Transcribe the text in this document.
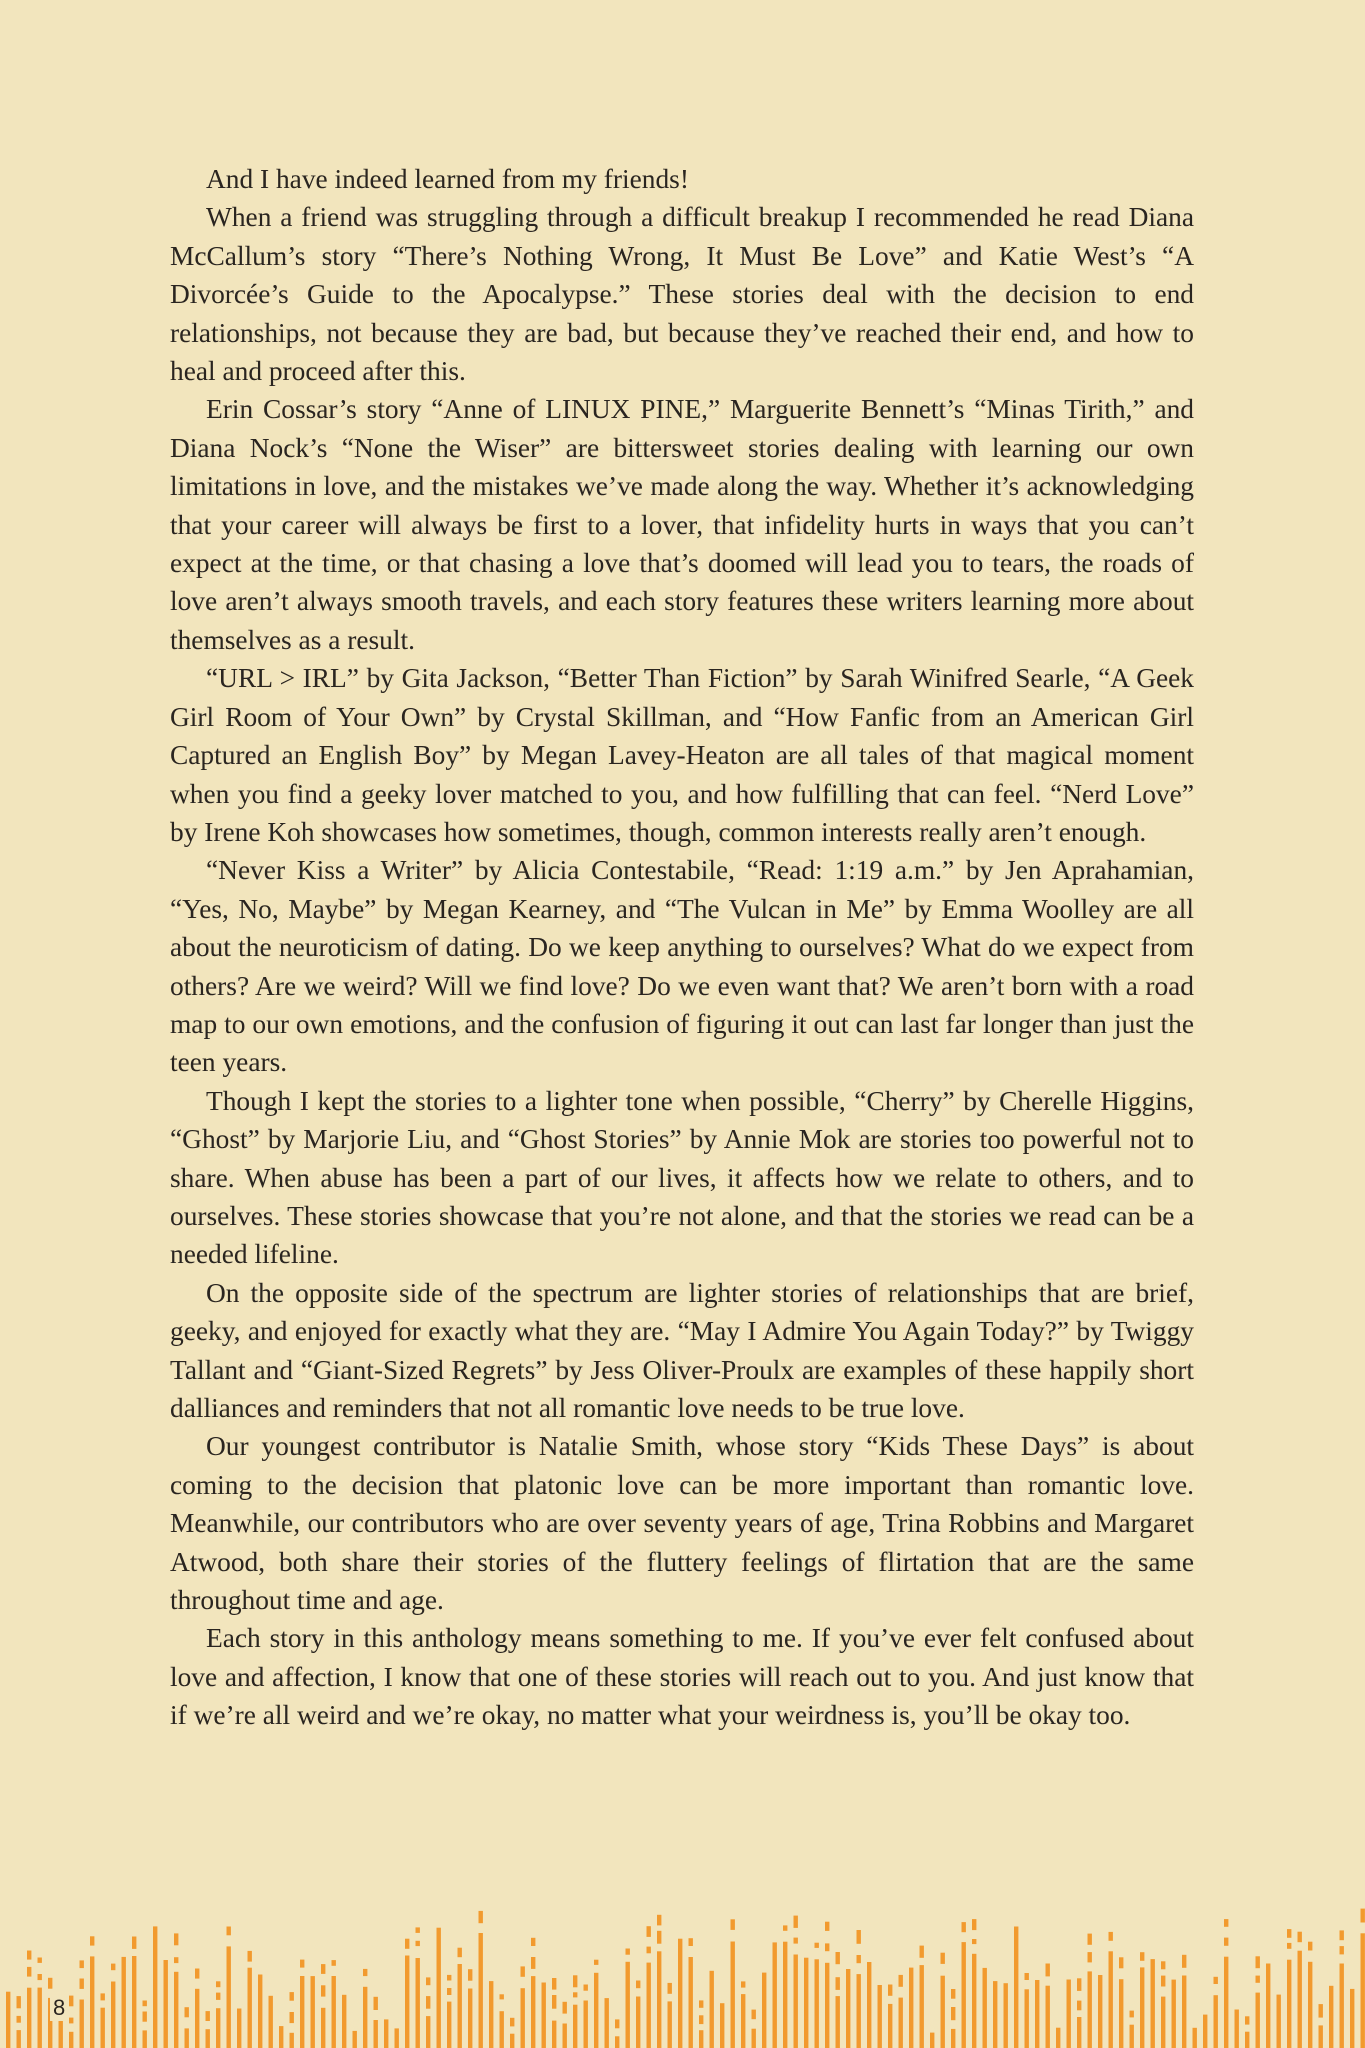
And I have indeed learned from my friends!

When a friend was struggling through a difficult breakup I recommended he read Diana McCallum’s story “There’s Nothing Wrong, It Must Be Love” and Katie West’s “A Divorcée’s Guide to the Apocalypse.” These stories deal with the decision to end relationships, not because they are bad, but because they’ve reached their end, and how to heal and proceed after this.

Erin Cossar’s story “Anne of LINUX PINE,” Marguerite Bennett’s “Minas Tirith,” and Diana Nock’s “None the Wiser” are bittersweet stories dealing with learning our own limitations in love, and the mistakes we’ve made along the way. Whether it’s acknowledging that your career will always be first to a lover, that infidelity hurts in ways that you can’t expect at the time, or that chasing a love that’s doomed will lead you to tears, the roads of love aren’t always smooth travels, and each story features these writers learning more about themselves as a result.

“URL > IRL” by Gita Jackson, “Better Than Fiction” by Sarah Winifred Searle, “A Geek Girl Room of Your Own” by Crystal Skillman, and “How Fanfic from an American Girl Captured an English Boy” by Megan Lavey-Heaton are all tales of that magical moment when you find a geeky lover matched to you, and how fulfilling that can feel. “Nerd Love” by Irene Koh showcases how sometimes, though, common interests really aren’t enough.

“Never Kiss a Writer” by Alicia Contestabile, “Read: 1:19 a.m.” by Jen Aprahamian, “Yes, No, Maybe” by Megan Kearney, and “The Vulcan in Me” by Emma Woolley are all about the neuroticism of dating. Do we keep anything to ourselves? What do we expect from others? Are we weird? Will we find love? Do we even want that? We aren’t born with a road map to our own emotions, and the confusion of figuring it out can last far longer than just the teen years.

Though I kept the stories to a lighter tone when possible, “Cherry” by Cherelle Higgins, “Ghost” by Marjorie Liu, and “Ghost Stories” by Annie Mok are stories too powerful not to share. When abuse has been a part of our lives, it affects how we relate to others, and to ourselves. These stories showcase that you’re not alone, and that the stories we read can be a needed lifeline.

On the opposite side of the spectrum are lighter stories of relationships that are brief, geeky, and enjoyed for exactly what they are. “May I Admire You Again Today?” by Twiggy Tallant and “Giant-Sized Regrets” by Jess Oliver-Proulx are examples of these happily short dalliances and reminders that not all romantic love needs to be true love.

Our youngest contributor is Natalie Smith, whose story “Kids These Days” is about coming to the decision that platonic love can be more important than romantic love. Meanwhile, our contributors who are over seventy years of age, Trina Robbins and Margaret Atwood, both share their stories of the fluttery feelings of flirtation that are the same throughout time and age.

Each story in this anthology means something to me. If you’ve ever felt confused about love and affection, I know that one of these stories will reach out to you. And just know that if we’re all weird and we’re okay, no matter what your weirdness is, you’ll be okay too.

8
